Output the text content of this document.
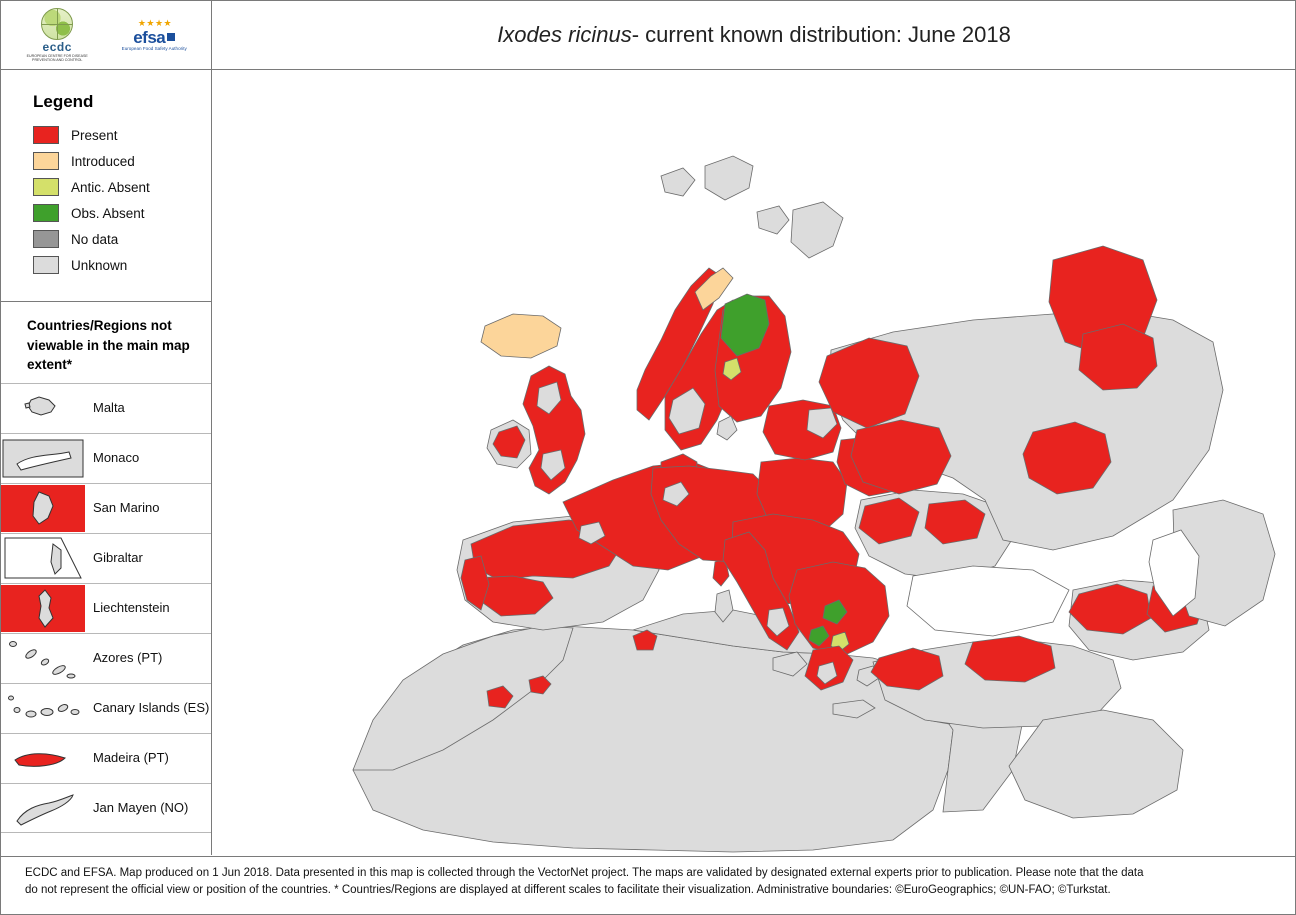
ecdc
EUROPEAN CENTRE FOR DISEASE PREVENTION AND CONTROL
★ ★ ★ ★
efsa
European Food Safety Authority
Ixodes ricinus - current known distribution: June 2018
Legend
Present
Introduced
Antic. Absent
Obs. Absent
No data
Unknown
Countries/Regions not viewable in the main map extent*
Malta
Monaco
San Marino
Gibraltar
Liechtenstein
Azores (PT)
Canary Islands (ES)
Madeira (PT)
Jan Mayen (NO)

ECDC and EFSA. Map produced on 1 Jun 2018. Data presented in this map is collected through the VectorNet project. The maps are validated by designated external experts prior to publication. Please note that the data

do not represent the official view or position of the countries. * Countries/Regions are displayed at different scales to facilitate their visualization. Administrative boundaries: ©EuroGeographics; ©UN-FAO; ©Turkstat.
